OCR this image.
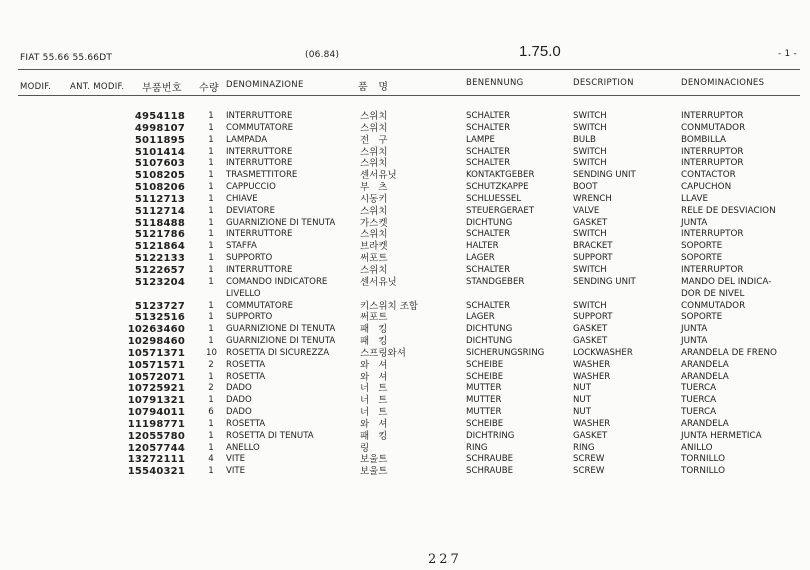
FIAT 55.66 55.66DT	(06.84)	1.75.0	- 1 -
MODIF. ANT. MODIF. 부품번호 수량 DENOMINAZIONE	품   명	BENENNUNG	DESCRIPTION	DENOMINACIONES
4954118	1 INTERRUTTORE	스위치	SCHALTER	SWITCH	INTERRUPTOR
4998107	1 COMMUTATORE	스위치	SCHALTER	SWITCH	CONMUTADOR
5011895	1 LAMPADA	전   구	LAMPE	BULB	BOMBILLA
5101414	1 INTERRUTTORE	스위치	SCHALTER	SWITCH	INTERRUPTOR
5107603	1 INTERRUTTORE	스위치	SCHALTER	SWITCH	INTERRUPTOR
5108205	1 TRASMETTITORE	센서유닛	KONTAKTGEBER	SENDING UNIT	CONTACTOR
5108206	1 CAPPUCCIO	부   츠	SCHUTZKAPPE	BOOT	CAPUCHON
5112713	1 CHIAVE	시동키	SCHLUESSEL	WRENCH	LLAVE
5112714	1 DEVIATORE	스위치	STEUERGERAET	VALVE	RELE DE DESVIACION
5118488	1 GUARNIZIONE DI TENUTA	가스켓	DICHTUNG	GASKET	JUNTA
5121786	1 INTERRUTTORE	스위치	SCHALTER	SWITCH	INTERRUPTOR
5121864	1 STAFFA	브라켓	HALTER	BRACKET	SOPORTE
5122133	1 SUPPORTO	써포트	LAGER	SUPPORT	SOPORTE
5122657	1 INTERRUTTORE	스위치	SCHALTER	SWITCH	INTERRUPTOR
5123204	1 COMANDO INDICATORE	센서유닛	STANDGEBER	SENDING UNIT	MANDO DEL INDICA-
LIVELLO	DOR DE NIVEL
5123727	1 COMMUTATORE	키스위치 조합	SCHALTER	SWITCH	CONMUTADOR
5132516	1 SUPPORTO	써포트	LAGER	SUPPORT	SOPORTE
10263460	1 GUARNIZIONE DI TENUTA	패   킹	DICHTUNG	GASKET	JUNTA
10298460	1 GUARNIZIONE DI TENUTA	패   킹	DICHTUNG	GASKET	JUNTA
10571371 10 ROSETTA DI SICUREZZA	스프링와셔	SICHERUNGSRING	LOCKWASHER	ARANDELA DE FRENO
10571571	2 ROSETTA	와   셔	SCHEIBE	WASHER	ARANDELA
10572071	1 ROSETTA	와   셔	SCHEIBE	WASHER	ARANDELA
10725921	2 DADO	너   트	MUTTER	NUT	TUERCA
10791321	1 DADO	너   트	MUTTER	NUT	TUERCA
10794011	6 DADO	너   트	MUTTER	NUT	TUERCA
11198771	1 ROSETTA	와   셔	SCHEIBE	WASHER	ARANDELA
12055780	1 ROSETTA DI TENUTA	패   킹	DICHTRING	GASKET	JUNTA HERMETICA
12057744	1 ANELLO	링	RING	RING	ANILLO
13272111	4 VITE	보울트	SCHRAUBE	SCREW	TORNILLO
15540321	1 VITE	보울트	SCHRAUBE	SCREW	TORNILLO
227
